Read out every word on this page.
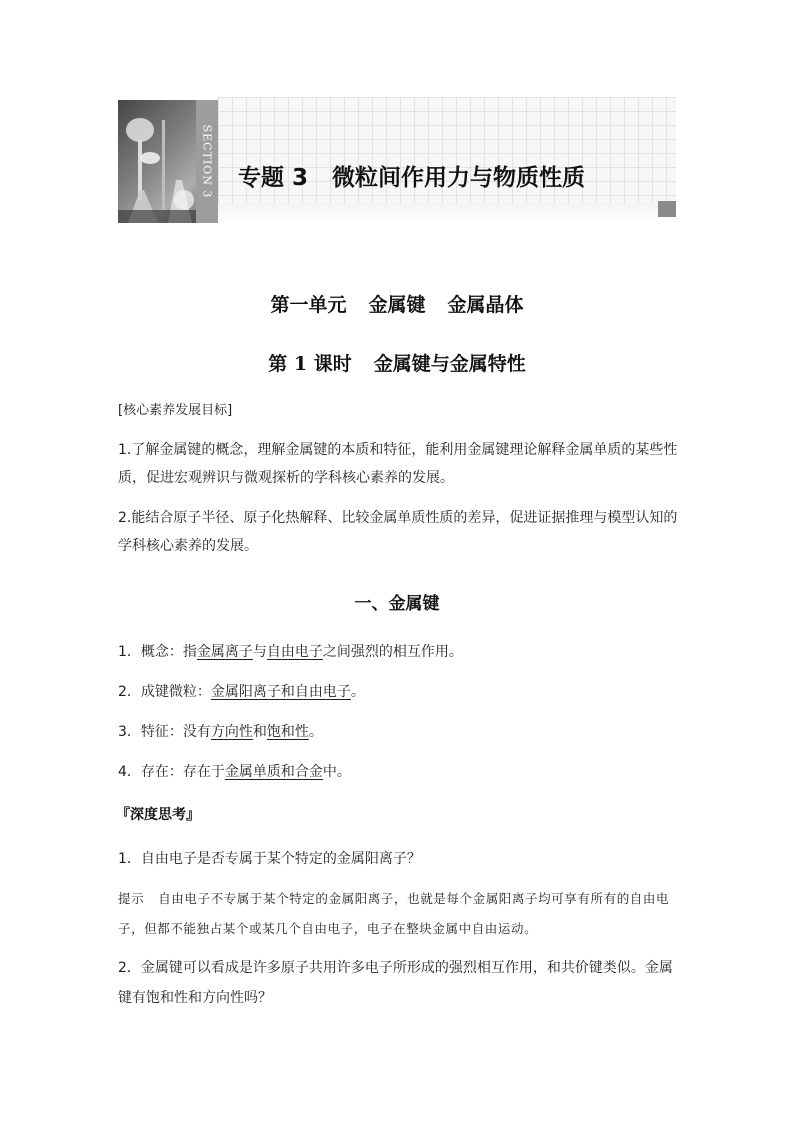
SECTION 3 专题 3 微粒间作用力与物质性质
第一单元 金属键 金属晶体
第 1 课时 金属键与金属特性
[核心素养发展目标]
1.了解金属键的概念，理解金属键的本质和特征，能利用金属键理论解释金属单质的某些性质，促进宏观辨识与微观探析的学科核心素养的发展。
2.能结合原子半径、原子化热解释、比较金属单质性质的差异，促进证据推理与模型认知的学科核心素养的发展。
一、金属键
1．概念：指金属离子与自由电子之间强烈的相互作用。
2．成键微粒：金属阳离子和自由电子。
3．特征：没有方向性和饱和性。
4．存在：存在于金属单质和合金中。
『深度思考』
1．自由电子是否专属于某个特定的金属阳离子？
提示 自由电子不专属于某个特定的金属阳离子，也就是每个金属阳离子均可享有所有的自由电子，但都不能独占某个或某几个自由电子，电子在整块金属中自由运动。
2．金属键可以看成是许多原子共用许多电子所形成的强烈相互作用，和共价键类似。金属键有饱和性和方向性吗？
